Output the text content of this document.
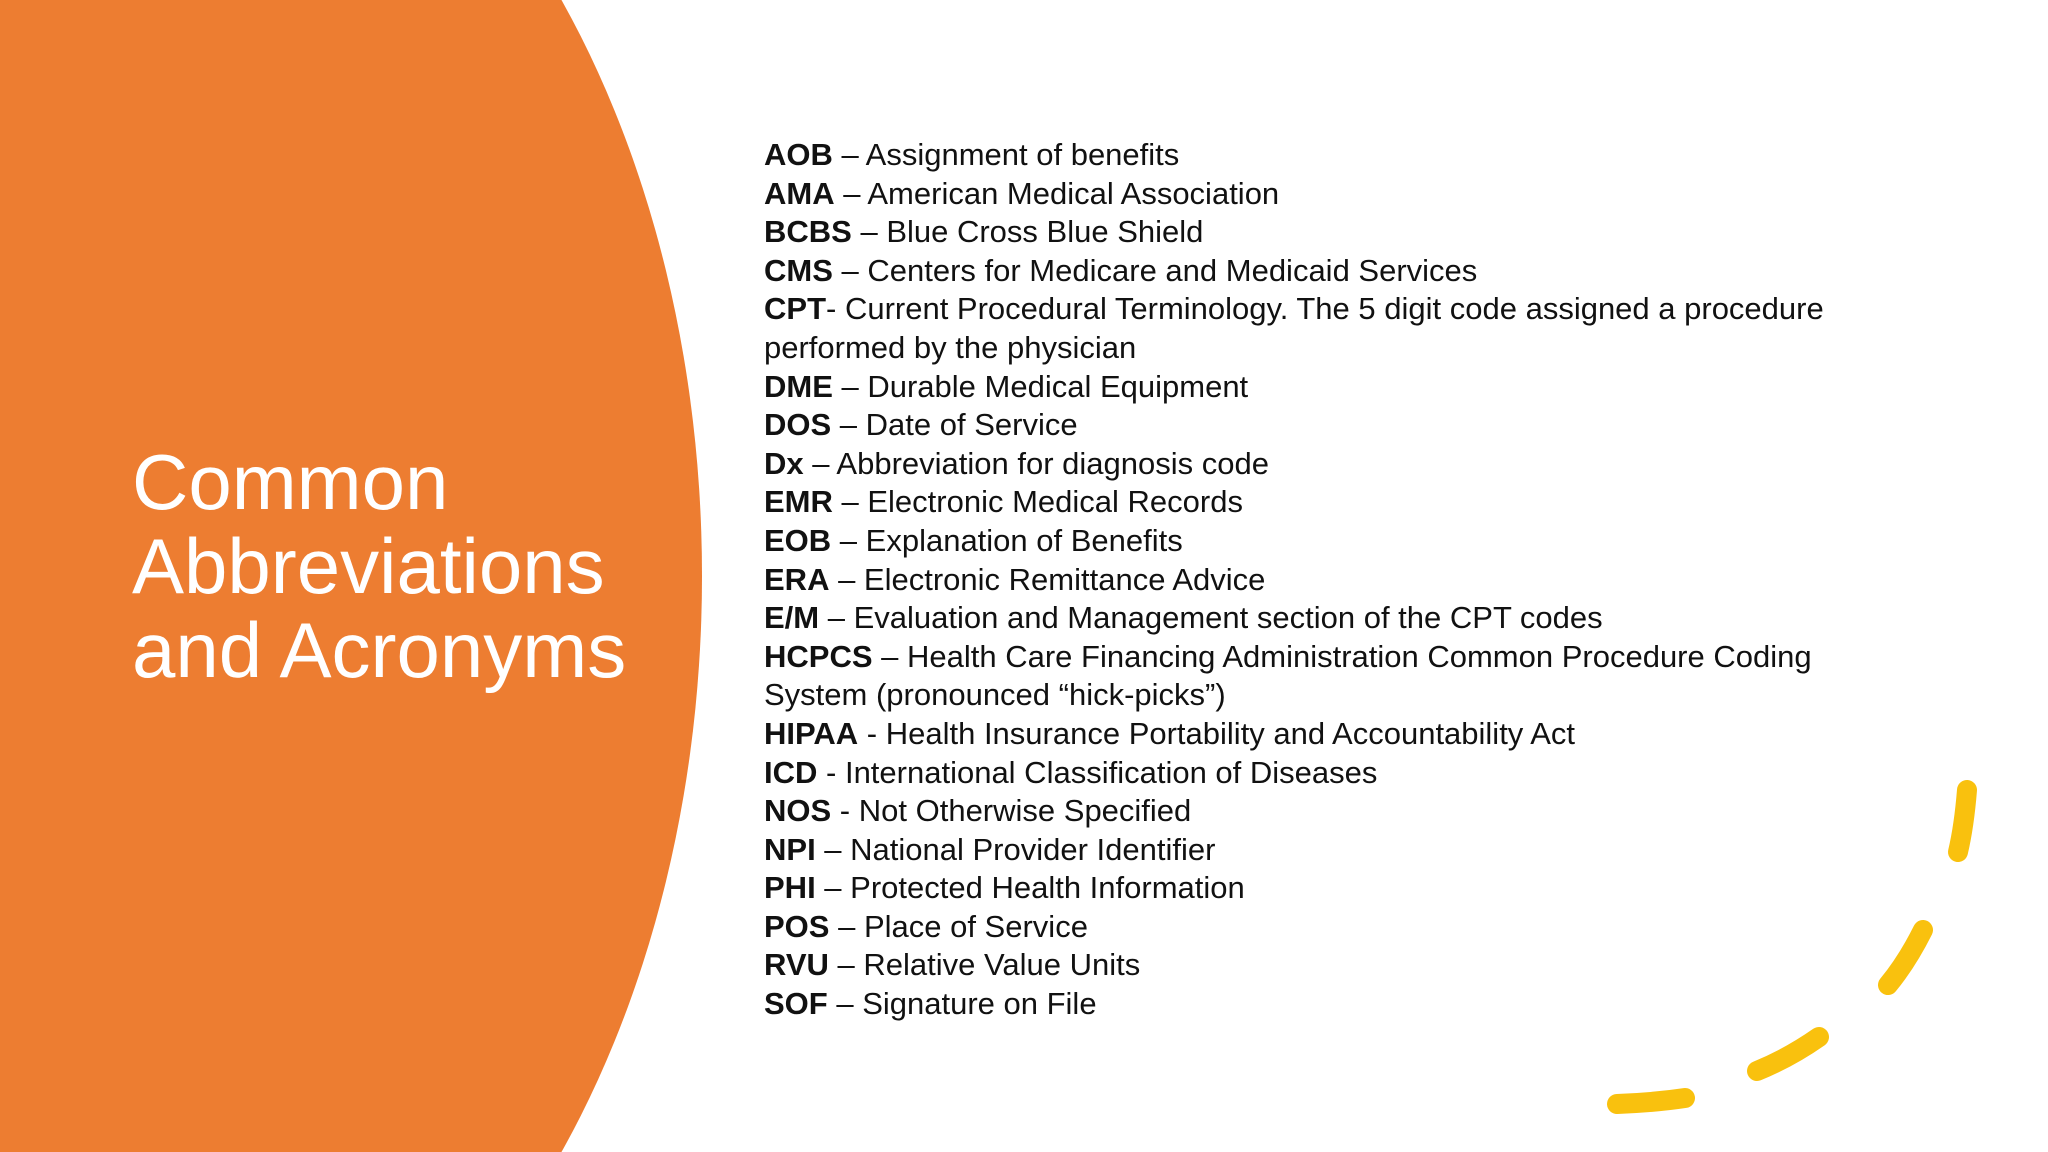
Common
Abbreviations
and Acronyms
AOB – Assignment of benefits
AMA – American Medical Association
BCBS – Blue Cross Blue Shield
CMS – Centers for Medicare and Medicaid Services
CPT- Current Procedural Terminology. The 5 digit code assigned a procedure performed by the physician
DME – Durable Medical Equipment
DOS – Date of Service
Dx – Abbreviation for diagnosis code
EMR – Electronic Medical Records
EOB – Explanation of Benefits
ERA – Electronic Remittance Advice
E/M – Evaluation and Management section of the CPT codes
HCPCS – Health Care Financing Administration Common Procedure Coding System (pronounced “hick-picks”)
HIPAA - Health Insurance Portability and Accountability Act
ICD - International Classification of Diseases
NOS - Not Otherwise Specified
NPI – National Provider Identifier
PHI – Protected Health Information
POS – Place of Service
RVU – Relative Value Units
SOF – Signature on File
